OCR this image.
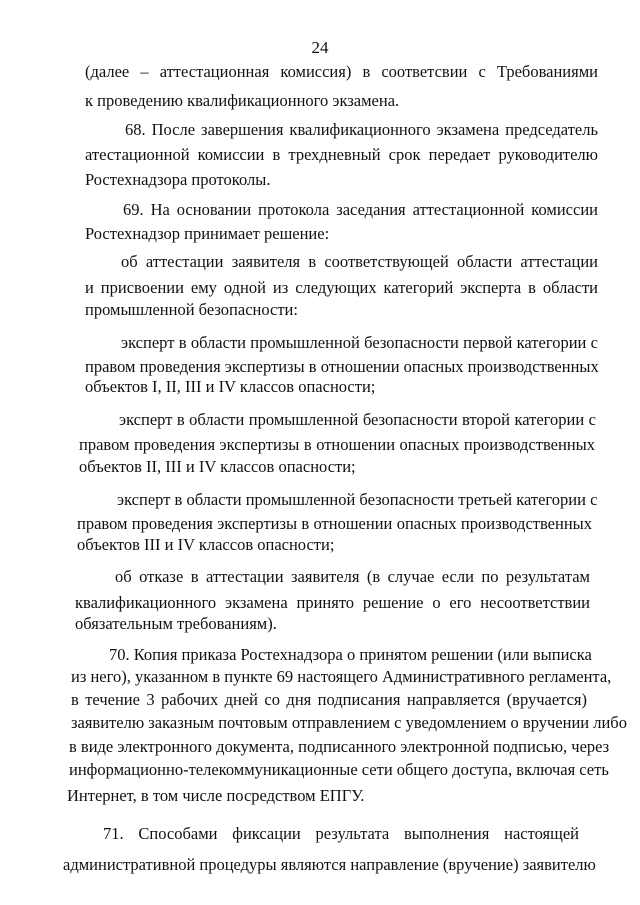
24
(далее – аттестационная комиссия) в соответсвии с Требованиями
к проведению квалификационного экзамена.
68. После завершения квалификационного экзамена председатель
атестационной комиссии в трехдневный срок передает руководителю
Ростехнадзора протоколы.
69. На основании протокола заседания аттестационной комиссии
Ростехнадзор принимает решение:
об аттестации заявителя в соответствующей области аттестации
и присвоении ему одной из следующих категорий эксперта в области
промышленной безопасности:
эксперт в области промышленной безопасности первой категории с
правом проведения экспертизы в отношении опасных производственных
объектов I, II, III и IV классов опасности;
эксперт в области промышленной безопасности второй категории с
правом проведения экспертизы в отношении опасных производственных
объектов II, III и IV классов опасности;
эксперт в области промышленной безопасности третьей категории с
правом проведения экспертизы в отношении опасных производственных
объектов III и IV классов опасности;
об отказе в аттестации заявителя (в случае если по результатам
квалификационного экзамена принято решение о его несоответствии
обязательным требованиям).
70. Копия приказа Ростехнадзора о принятом решении (или выписка
из него), указанном в пункте 69 настоящего Административного регламента,
в течение 3 рабочих дней со дня подписания направляется (вручается)
заявителю заказным почтовым отправлением с уведомлением о вручении либо
в виде электронного документа, подписанного электронной подписью, через
информационно-телекоммуникационные сети общего доступа, включая сеть
Интернет, в том числе посредством ЕПГУ.
71. Способами фиксации результата выполнения настоящей
административной процедуры являются направление (вручение) заявителю
